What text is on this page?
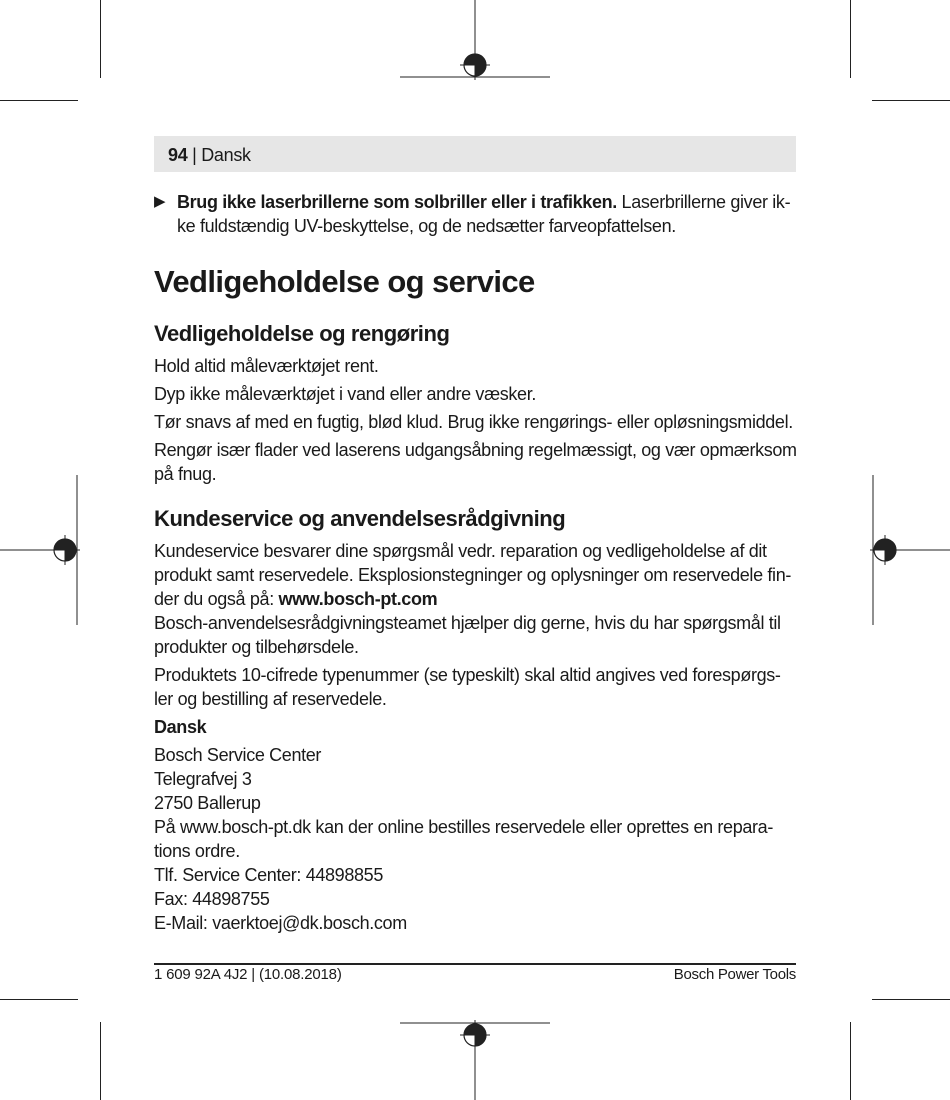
94 | Dansk
▶ Brug ikke laserbrillerne som solbriller eller i trafikken. Laserbrillerne giver ik-ke fuldstændig UV-beskyttelse, og de nedsætter farveopfattelsen.

Vedligeholdelse og service
Vedligeholdelse og rengøring

Hold altid måleværktøjet rent.

Dyp ikke måleværktøjet i vand eller andre væsker.

Tør snavs af med en fugtig, blød klud. Brug ikke rengørings- eller opløsningsmiddel.

Rengør især flader ved laserens udgangsåbning regelmæssigt, og vær opmærksom på fnug.

Kundeservice og anvendelsesrådgivning

Kundeservice besvarer dine spørgsmål vedr. reparation og vedligeholdelse af dit produkt samt reservedele. Eksplosionstegninger og oplysninger om reservedele fin-der du også på: www.bosch-pt.com

Bosch-anvendelsesrådgivningsteamet hjælper dig gerne, hvis du har spørgsmål til produkter og tilbehørsdele.

Produktets 10-cifrede typenummer (se typeskilt) skal altid angives ved forespørgs-ler og bestilling af reservedele.

Dansk

Bosch Service Center
Telegrafvej 3
2750 Ballerup
På www.bosch-pt.dk kan der online bestilles reservedele eller oprettes en repara-tions ordre.
Tlf. Service Center: 44898855
Fax: 44898755
E-Mail: vaerktoej@dk.bosch.com
1 609 92A 4J2 | (10.08.2018)	Bosch Power Tools
